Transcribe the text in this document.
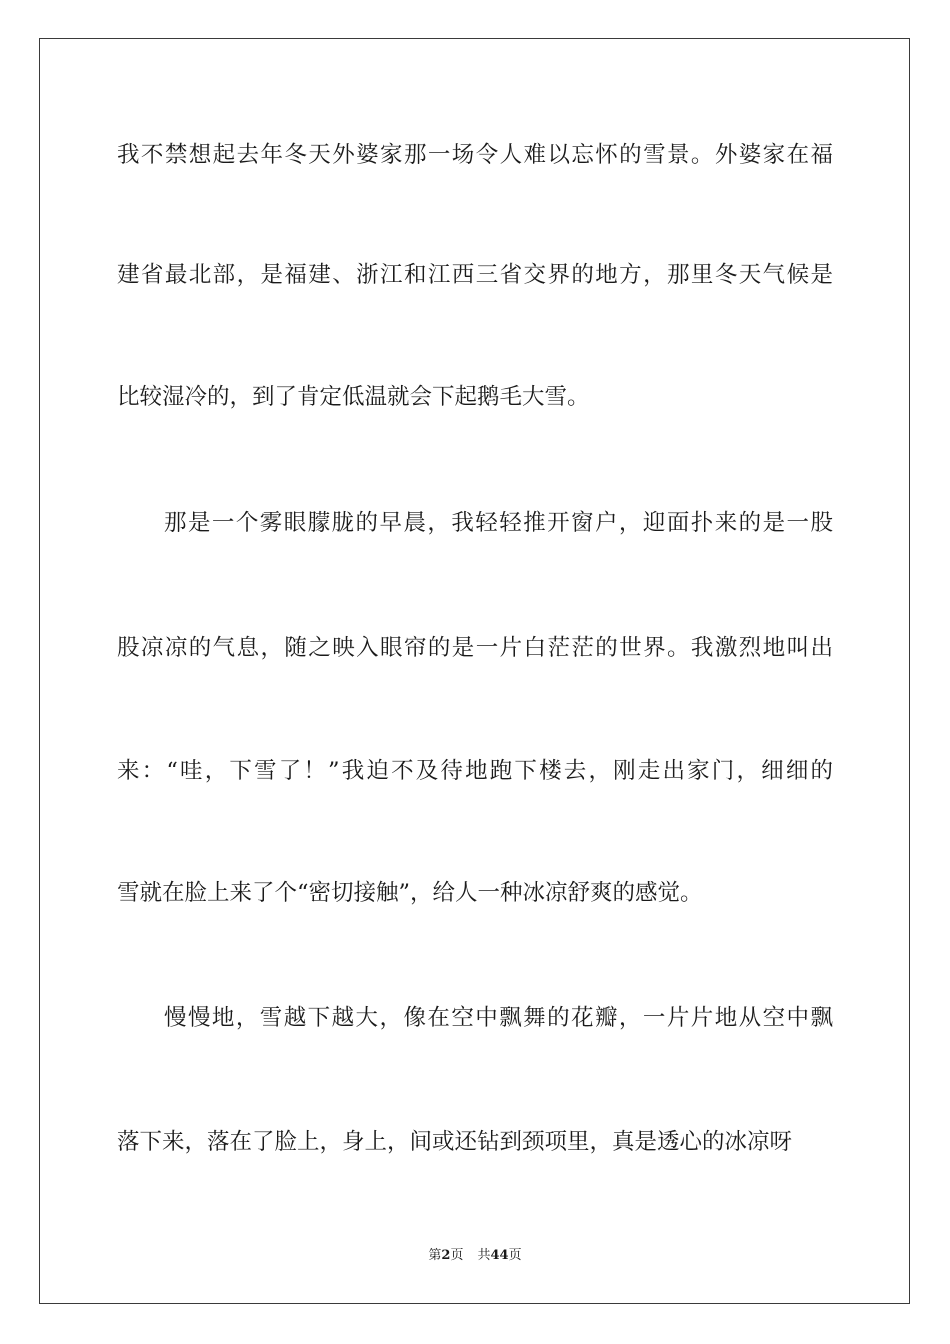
我不禁想起去年冬天外婆家那一场令人难以忘怀的雪景。外婆家在福
建省最北部，是福建、浙江和江西三省交界的地方，那里冬天气候是
比较湿冷的，到了肯定低温就会下起鹅毛大雪。
那是一个雾眼朦胧的早晨，我轻轻推开窗户，迎面扑来的是一股
股凉凉的气息，随之映入眼帘的是一片白茫茫的世界。我激烈地叫出
来：“哇，下雪了！”我迫不及待地跑下楼去，刚走出家门，细细的
雪就在脸上来了个“密切接触”，给人一种冰凉舒爽的感觉。
慢慢地，雪越下越大，像在空中飘舞的花瓣，一片片地从空中飘
落下来，落在了脸上，身上，间或还钻到颈项里，真是透心的冰凉呀
第2页 共44页
